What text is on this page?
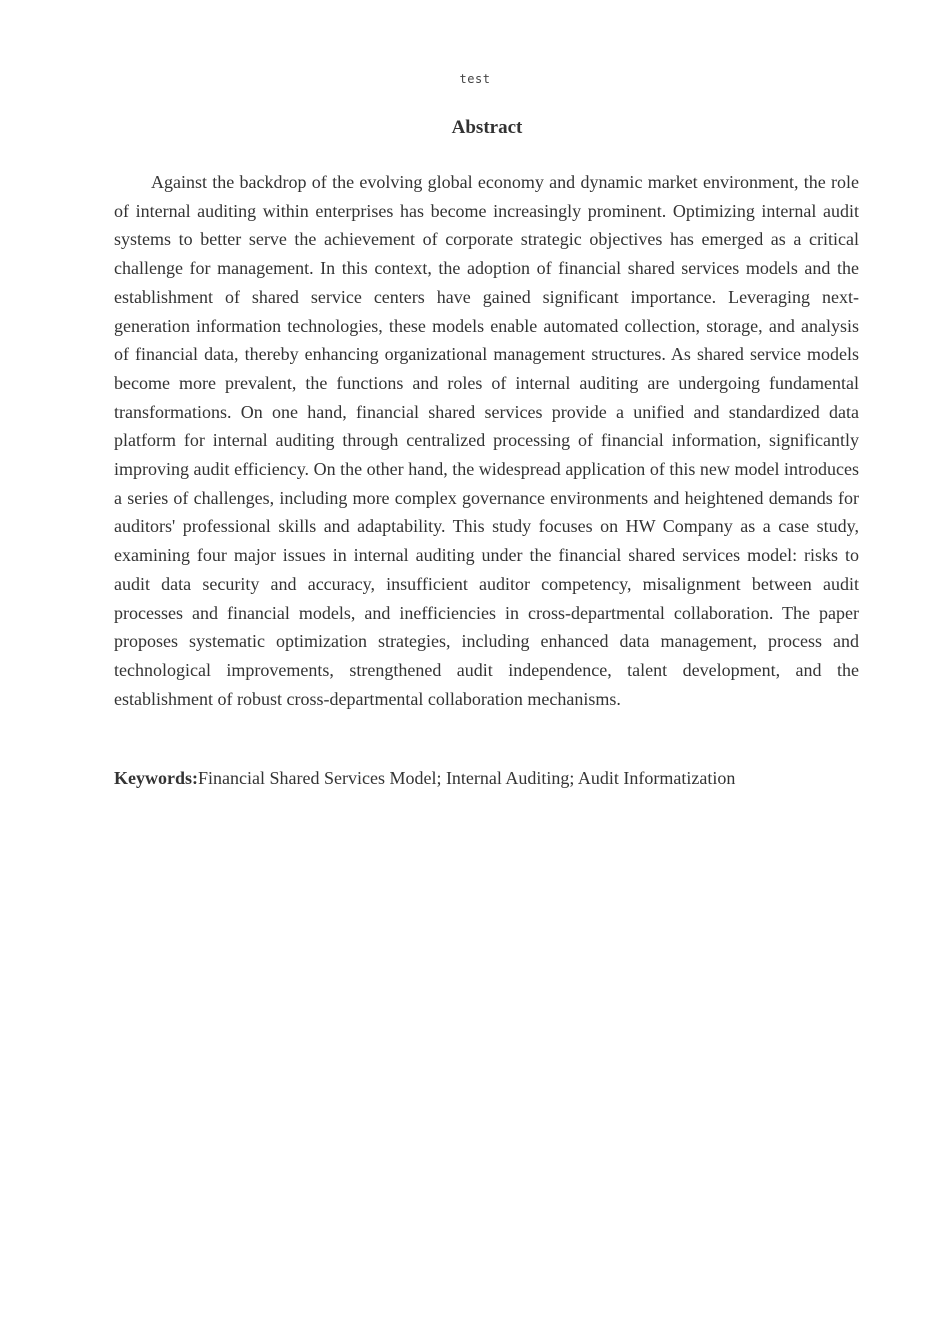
test
Abstract

Against the backdrop of the evolving global economy and dynamic market environment, the role of internal auditing within enterprises has become increasingly prominent. Optimizing internal audit systems to better serve the achievement of corporate strategic objectives has emerged as a critical challenge for management. In this context, the adoption of financial shared services models and the establishment of shared service centers have gained significant importance. Leveraging next-generation information technologies, these models enable automated collection, storage, and analysis of financial data, thereby enhancing organizational management structures. As shared service models become more prevalent, the functions and roles of internal auditing are undergoing fundamental transformations. On one hand, financial shared services provide a unified and standardized data platform for internal auditing through centralized processing of financial information, significantly improving audit efficiency. On the other hand, the widespread application of this new model introduces a series of challenges, including more complex governance environments and heightened demands for auditors' professional skills and adaptability. This study focuses on HW Company as a case study, examining four major issues in internal auditing under the financial shared services model: risks to audit data security and accuracy, insufficient auditor competency, misalignment between audit processes and financial models, and inefficiencies in cross-departmental collaboration. The paper proposes systematic optimization strategies, including enhanced data management, process and technological improvements, strengthened audit independence, talent development, and the establishment of robust cross-departmental collaboration mechanisms.

Keywords:Financial Shared Services Model; Internal Auditing; Audit Informatization
